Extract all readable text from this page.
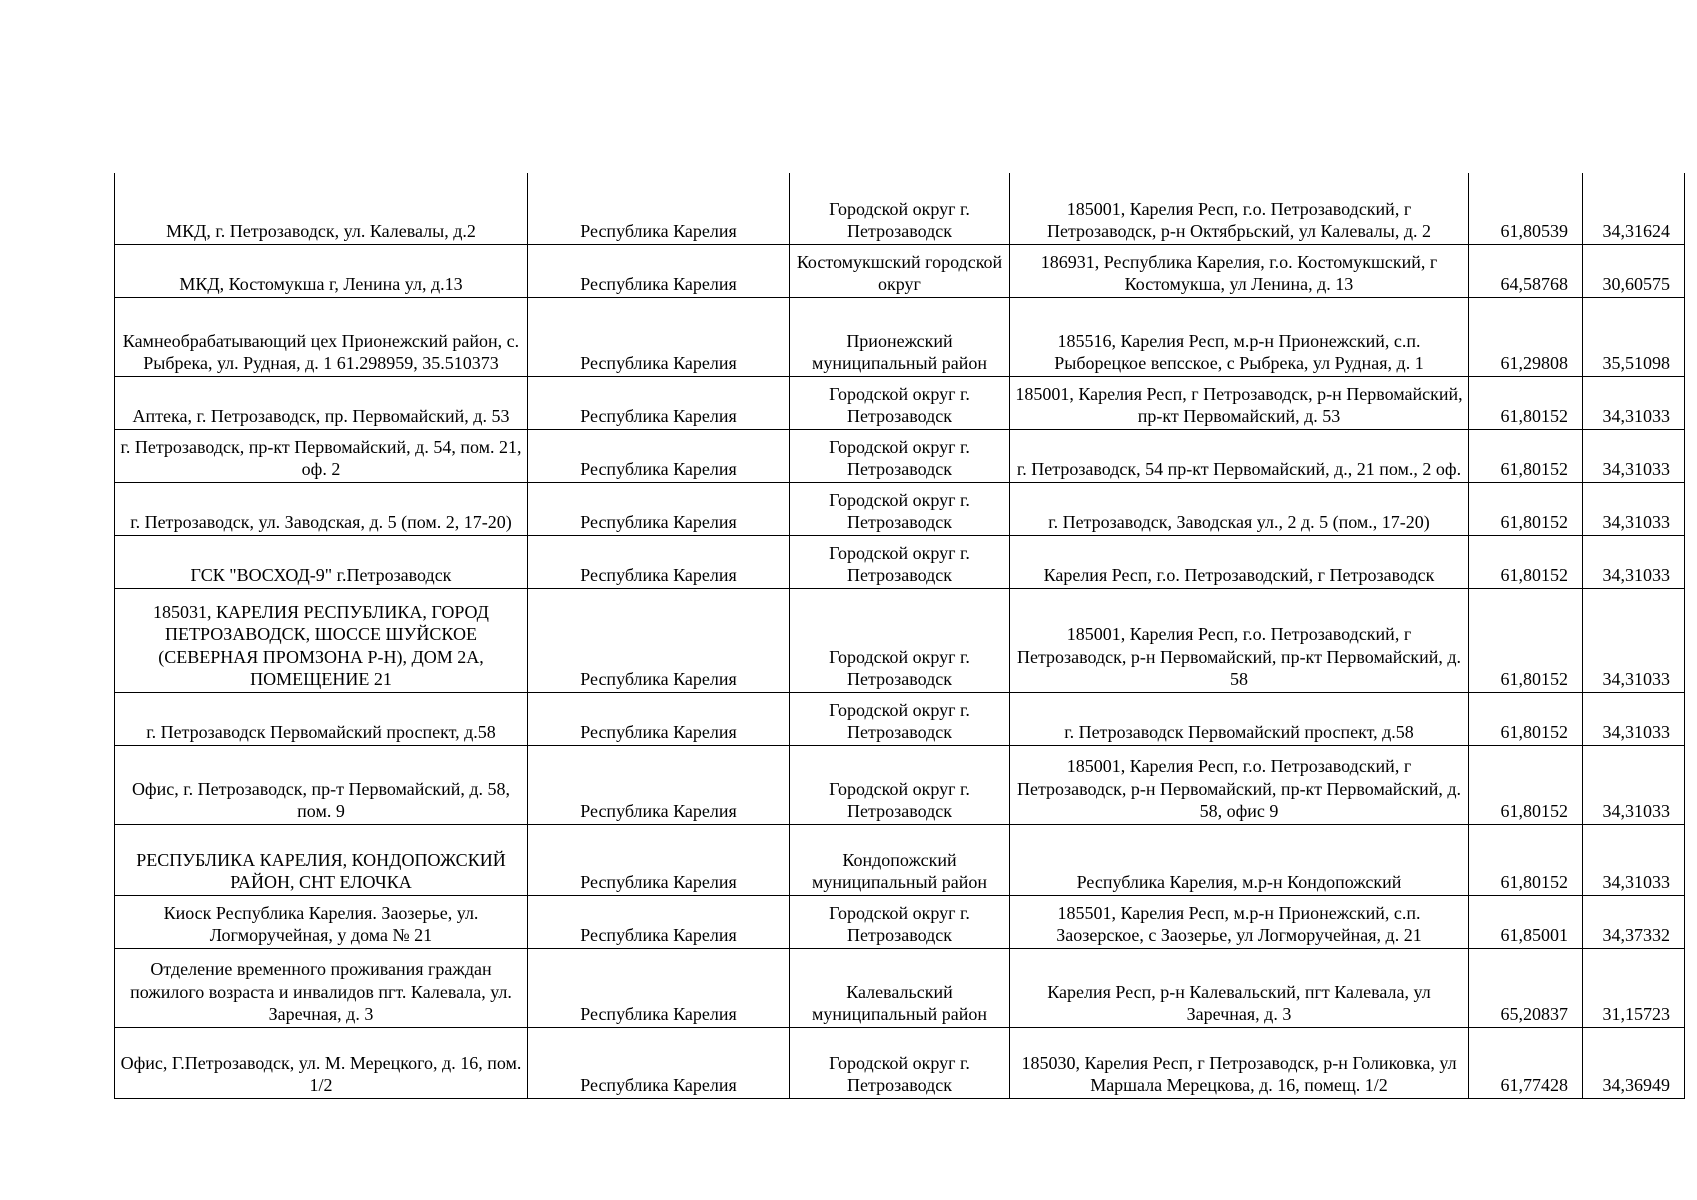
МКД, г. Петрозаводск, ул. Калевалы, д.2	Республика Карелия	Городской округ г. Петрозаводск	185001, Карелия Респ, г.о. Петрозаводский, г Петрозаводск, р-н Октябрьский, ул Калевалы, д. 2	61,80539	34,31624
МКД, Костомукша г, Ленина ул, д.13	Республика Карелия	Костомукшский городской округ	186931, Республика Карелия, г.о. Костомукшский, г Костомукша, ул Ленина, д. 13	64,58768	30,60575
Камнеобрабатывающий цех Прионежский район, с. Рыбрека, ул. Рудная, д. 1 61.298959, 35.510373	Республика Карелия	Прионежский муниципальный район	185516, Карелия Респ, м.р-н Прионежский, с.п. Рыборецкое вепсское, с Рыбрека, ул Рудная, д. 1	61,29808	35,51098
Аптека, г. Петрозаводск, пр. Первомайский, д. 53	Республика Карелия	Городской округ г. Петрозаводск	185001, Карелия Респ, г Петрозаводск, р-н Первомайский, пр-кт Первомайский, д. 53	61,80152	34,31033
г. Петрозаводск, пр-кт Первомайский, д. 54, пом. 21, оф. 2	Республика Карелия	Городской округ г. Петрозаводск	г. Петрозаводск, 54 пр-кт Первомайский, д., 21 пом., 2 оф.	61,80152	34,31033
г. Петрозаводск, ул. Заводская, д. 5 (пом. 2, 17-20)	Республика Карелия	Городской округ г. Петрозаводск	г. Петрозаводск, Заводская ул., 2 д. 5 (пом., 17-20)	61,80152	34,31033
ГСК "ВОСХОД-9" г.Петрозаводск	Республика Карелия	Городской округ г. Петрозаводск	Карелия Респ, г.о. Петрозаводский, г Петрозаводск	61,80152	34,31033
185031, КАРЕЛИЯ РЕСПУБЛИКА, ГОРОД ПЕТРОЗАВОДСК, ШОССЕ ШУЙСКОЕ (СЕВЕРНАЯ ПРОМЗОНА Р-Н), ДОМ 2А, ПОМЕЩЕНИЕ 21	Республика Карелия	Городской округ г. Петрозаводск	185001, Карелия Респ, г.о. Петрозаводский, г Петрозаводск, р-н Первомайский, пр-кт Первомайский, д. 58	61,80152	34,31033
г. Петрозаводск Первомайский проспект, д.58	Республика Карелия	Городской округ г. Петрозаводск	г. Петрозаводск Первомайский проспект, д.58	61,80152	34,31033
Офис, г. Петрозаводск, пр-т Первомайский, д. 58, пом. 9	Республика Карелия	Городской округ г. Петрозаводск	185001, Карелия Респ, г.о. Петрозаводский, г Петрозаводск, р-н Первомайский, пр-кт Первомайский, д. 58, офис 9	61,80152	34,31033
РЕСПУБЛИКА КАРЕЛИЯ, КОНДОПОЖСКИЙ РАЙОН, СНТ ЕЛОЧКА	Республика Карелия	Кондопожский муниципальный район	Республика Карелия, м.р-н Кондопожский	61,80152	34,31033
Киоск Республика Карелия. Заозерье, ул. Логморучейная, у дома № 21	Республика Карелия	Городской округ г. Петрозаводск	185501, Карелия Респ, м.р-н Прионежский, с.п. Заозерское, с Заозерье, ул Логморучейная, д. 21	61,85001	34,37332
Отделение временного проживания граждан пожилого возраста и инвалидов пгт. Калевала, ул. Заречная, д. 3	Республика Карелия	Калевальский муниципальный район	Карелия Респ, р-н Калевальский, пгт Калевала, ул Заречная, д. 3	65,20837	31,15723
Офис, Г.Петрозаводск, ул. М. Мерецкого, д. 16, пом. 1/2	Республика Карелия	Городской округ г. Петрозаводск	185030, Карелия Респ, г Петрозаводск, р-н Голиковка, ул Маршала Мерецкова, д. 16, помещ. 1/2	61,77428	34,36949
